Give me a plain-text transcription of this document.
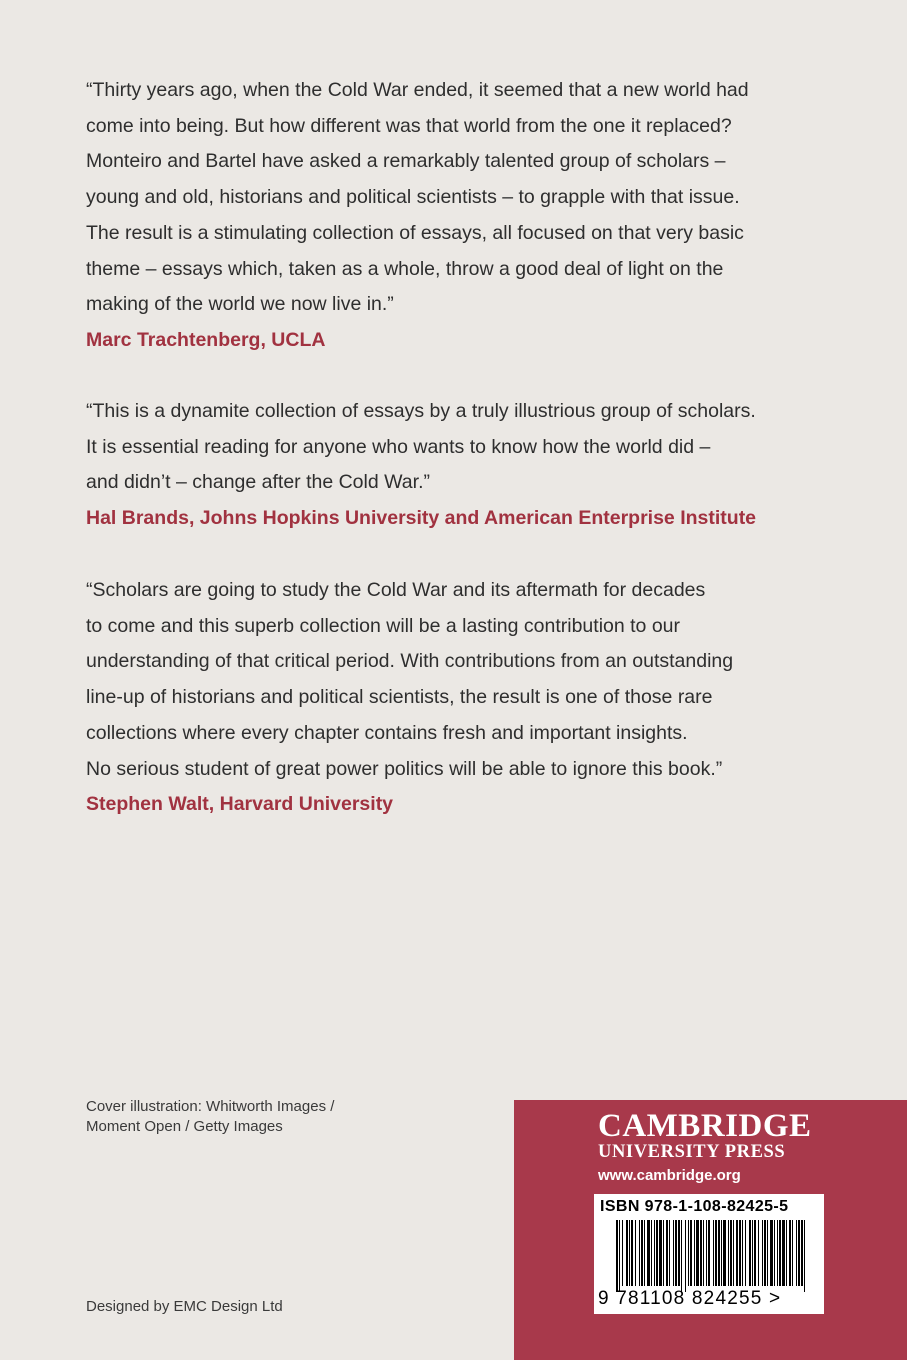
“Thirty years ago, when the Cold War ended, it seemed that a new world had
come into being. But how different was that world from the one it replaced?
Monteiro and Bartel have asked a remarkably talented group of scholars –
young and old, historians and political scientists – to grapple with that issue.
The result is a stimulating collection of essays, all focused on that very basic
theme – essays which, taken as a whole, throw a good deal of light on the
making of the world we now live in.”

Marc Trachtenberg, UCLA

“This is a dynamite collection of essays by a truly illustrious group of scholars.
It is essential reading for anyone who wants to know how the world did –
and didn’t – change after the Cold War.”

Hal Brands, Johns Hopkins University and American Enterprise Institute

“Scholars are going to study the Cold War and its aftermath for decades
to come and this superb collection will be a lasting contribution to our
understanding of that critical period. With contributions from an outstanding
line-up of historians and political scientists, the result is one of those rare
collections where every chapter contains fresh and important insights.
No serious student of great power politics will be able to ignore this book.”

Stephen Walt, Harvard University

Cover illustration: Whitworth Images / Moment Open / Getty Images
Designed by EMC Design Ltd
CAMBRIDGE
UNIVERSITY PRESS
www.cambridge.org
ISBN 978-1-108-82425-5
9 781108 824255 >
